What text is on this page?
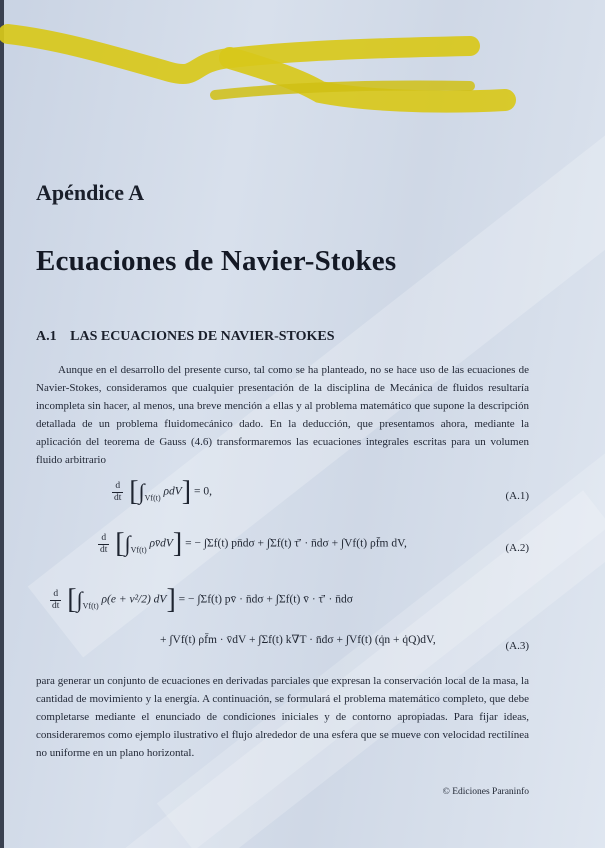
Apéndice A
Ecuaciones de Navier-Stokes
A.1 LAS ECUACIONES DE NAVIER-STOKES

Aunque en el desarrollo del presente curso, tal como se ha planteado, no se hace uso de las ecuaciones de Navier-Stokes, consideramos que cualquier presentación de la disciplina de Mecánica de fluidos resultaría incompleta sin hacer, al menos, una breve mención a ellas y al problema matemático que supone la descripción detallada de un problema fluidomecánico dado. En la deducción, que presentamos ahora, mediante la aplicación del teorema de Gauss (4.6) transformaremos las ecuaciones integrales escritas para un volumen fluido arbitrario

$\frac{d}{dt} [\int_{Vf(t)}$ ρdV] = 0,	(A.1)
$\frac{d}{dt} [\int_{Vf(t)}$ ρv̄dV] = − ∫Σf(t) pn̄dσ + ∫Σf(t) τ̄′ · n̄dσ + ∫Vf(t) ρf̄m dV,	(A.2)
$\frac{d}{dt} [\int_{Vf(t)}$ ρ(e + v²/2) dV] = − ∫Σf(t) pv̄ · n̄dσ + ∫Σf(t) v̄ · τ̄′ · n̄dσ
+ ∫Vf(t) ρf̄m · v̄dV + ∫Σf(t) k∇T · n̄dσ + ∫Vf(t) (q̇n + q̇Q)dV,	(A.3)

para generar un conjunto de ecuaciones en derivadas parciales que expresan la conservación local de la masa, la cantidad de movimiento y la energía. A continuación, se formulará el problema matemático completo, que debe completarse mediante el enunciado de condiciones iniciales y de contorno apropiadas. Para fijar ideas, consideraremos como ejemplo ilustrativo el flujo alrededor de una esfera que se mueve con velocidad rectilínea no uniforme en un plano horizontal.

© Ediciones Paraninfo
